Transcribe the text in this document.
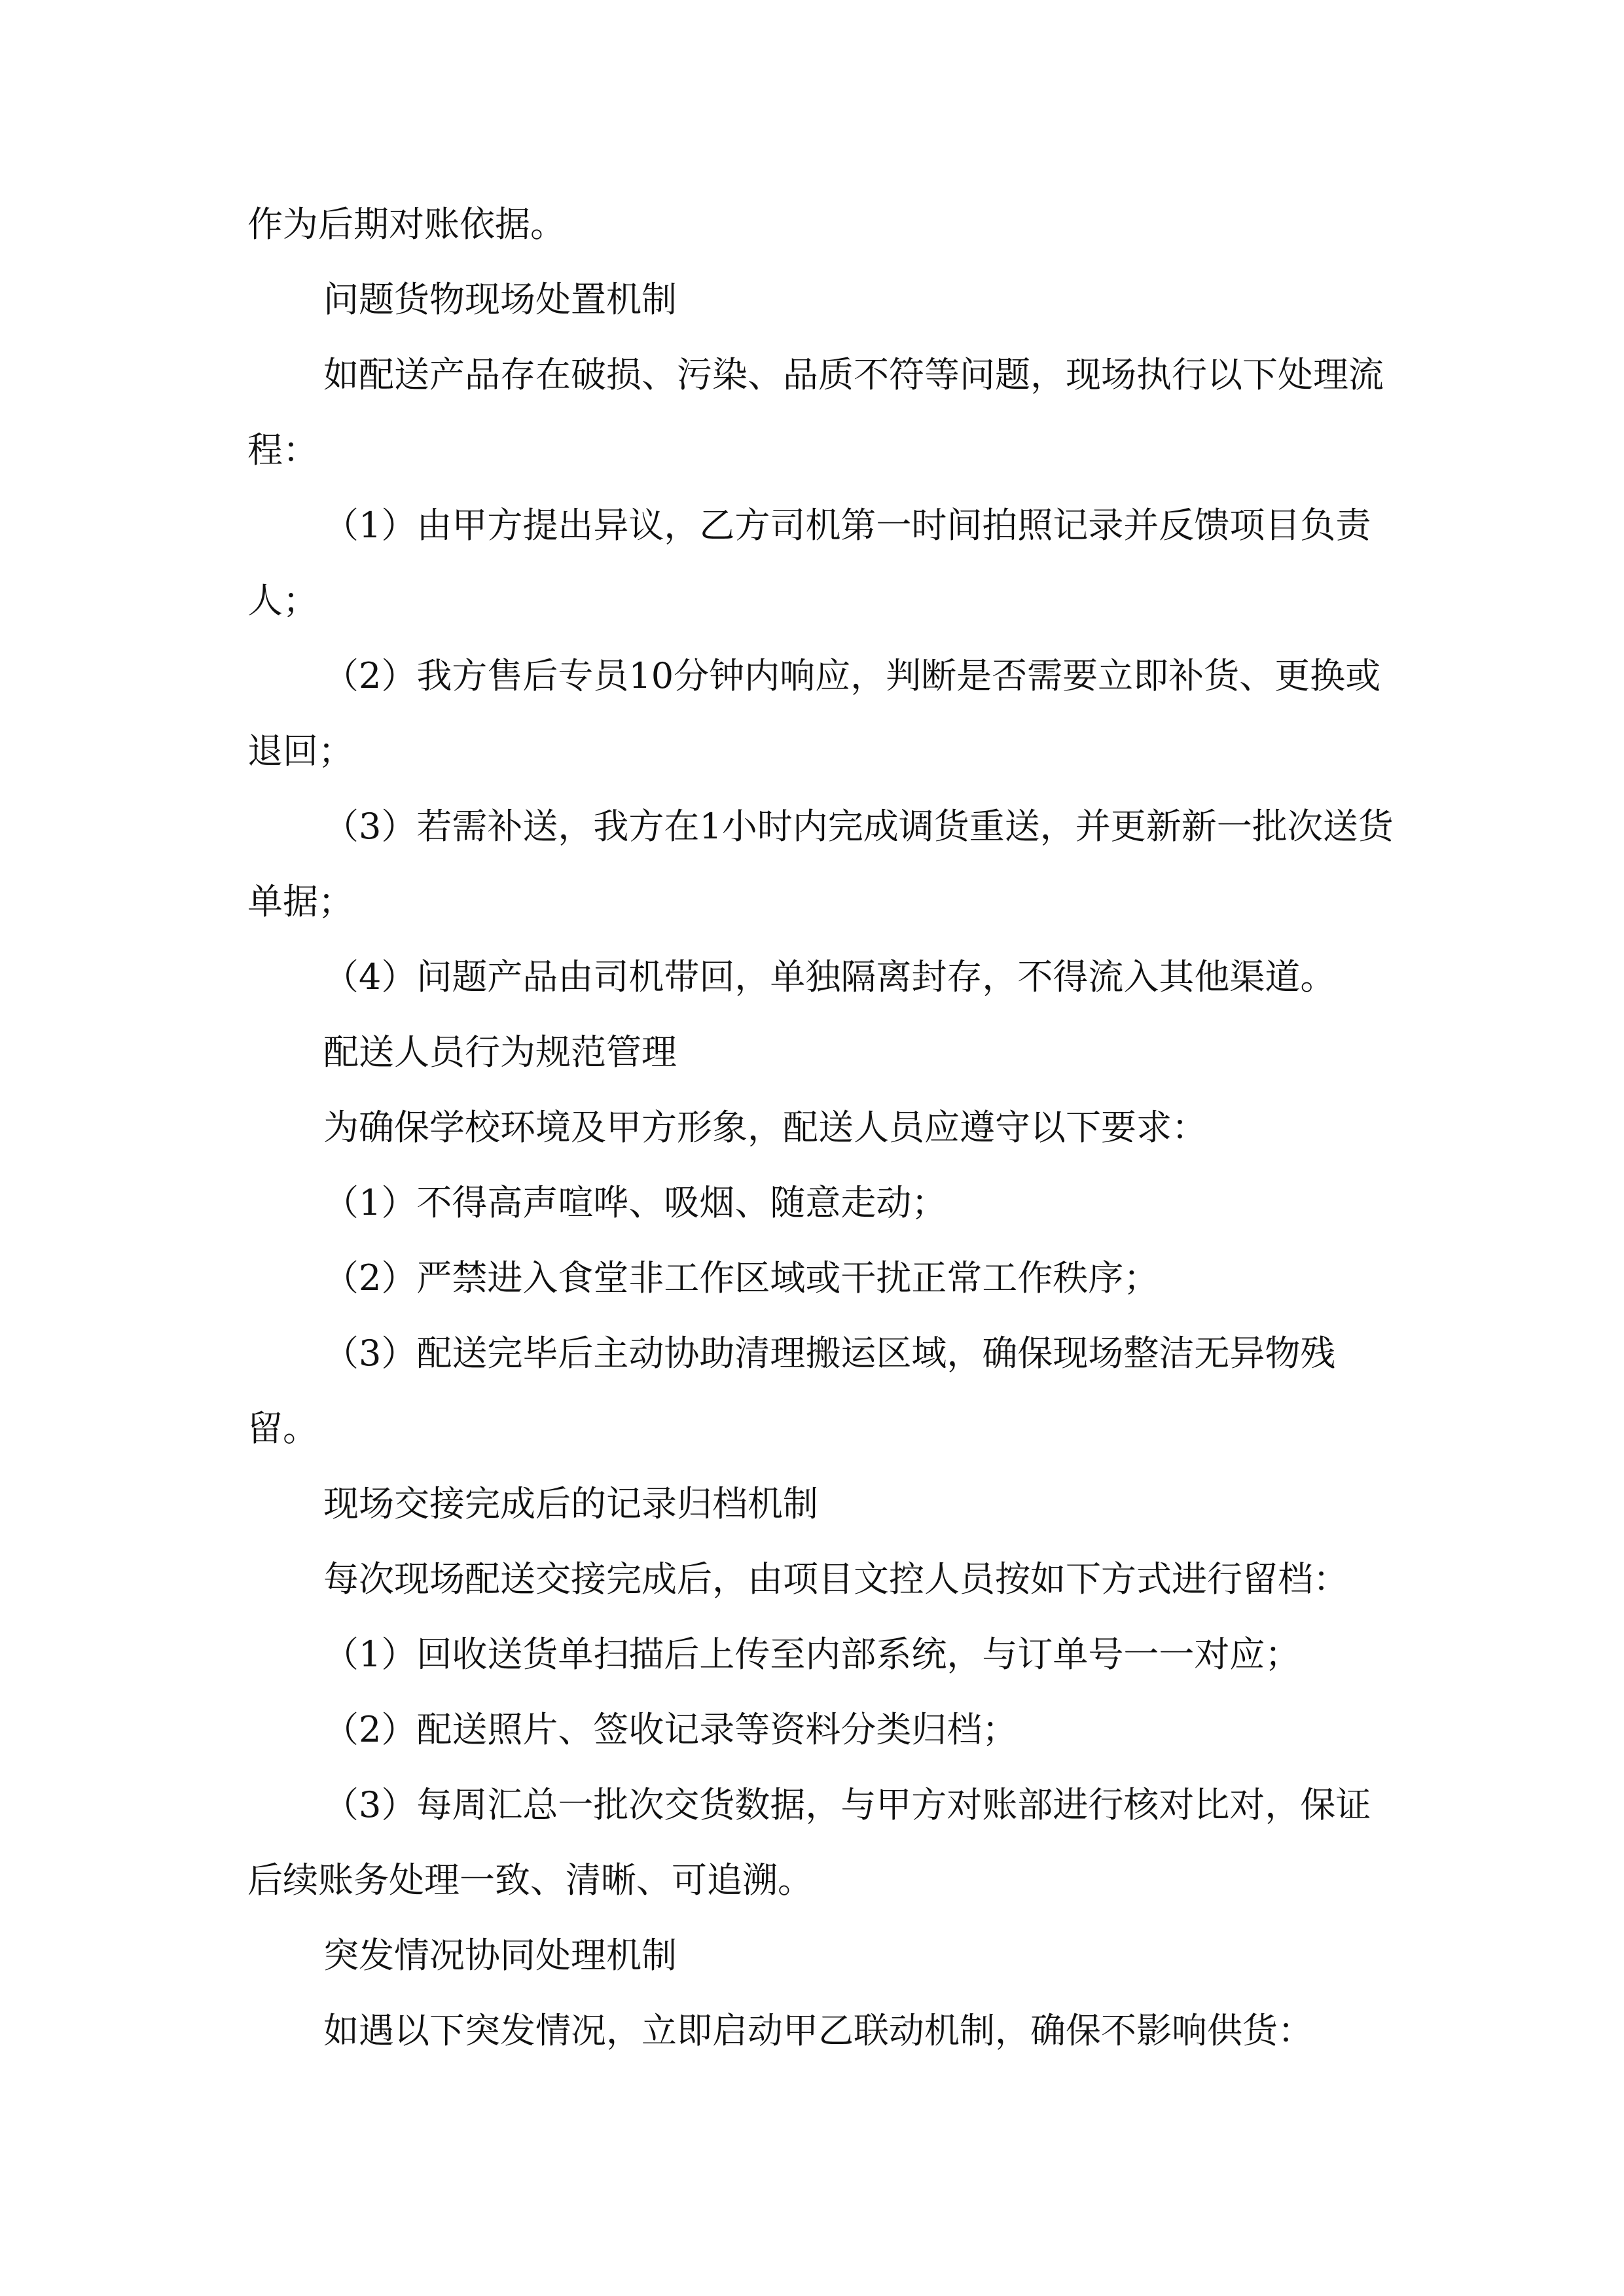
作为后期对账依据。

问题货物现场处置机制

如配送产品存在破损、污染、品质不符等问题，现场执行以下处理流程：

（1）由甲方提出异议，乙方司机第一时间拍照记录并反馈项目负责人；

（2）我方售后专员10分钟内响应，判断是否需要立即补货、更换或退回；

（3）若需补送，我方在1小时内完成调货重送，并更新新一批次送货单据；

（4）问题产品由司机带回，单独隔离封存，不得流入其他渠道。

配送人员行为规范管理

为确保学校环境及甲方形象，配送人员应遵守以下要求：

（1）不得高声喧哗、吸烟、随意走动；

（2）严禁进入食堂非工作区域或干扰正常工作秩序；

（3）配送完毕后主动协助清理搬运区域，确保现场整洁无异物残留。

现场交接完成后的记录归档机制

每次现场配送交接完成后，由项目文控人员按如下方式进行留档：

（1）回收送货单扫描后上传至内部系统，与订单号一一对应；

（2）配送照片、签收记录等资料分类归档；

（3）每周汇总一批次交货数据，与甲方对账部进行核对比对，保证后续账务处理一致、清晰、可追溯。

突发情况协同处理机制

如遇以下突发情况，立即启动甲乙联动机制，确保不影响供货：
